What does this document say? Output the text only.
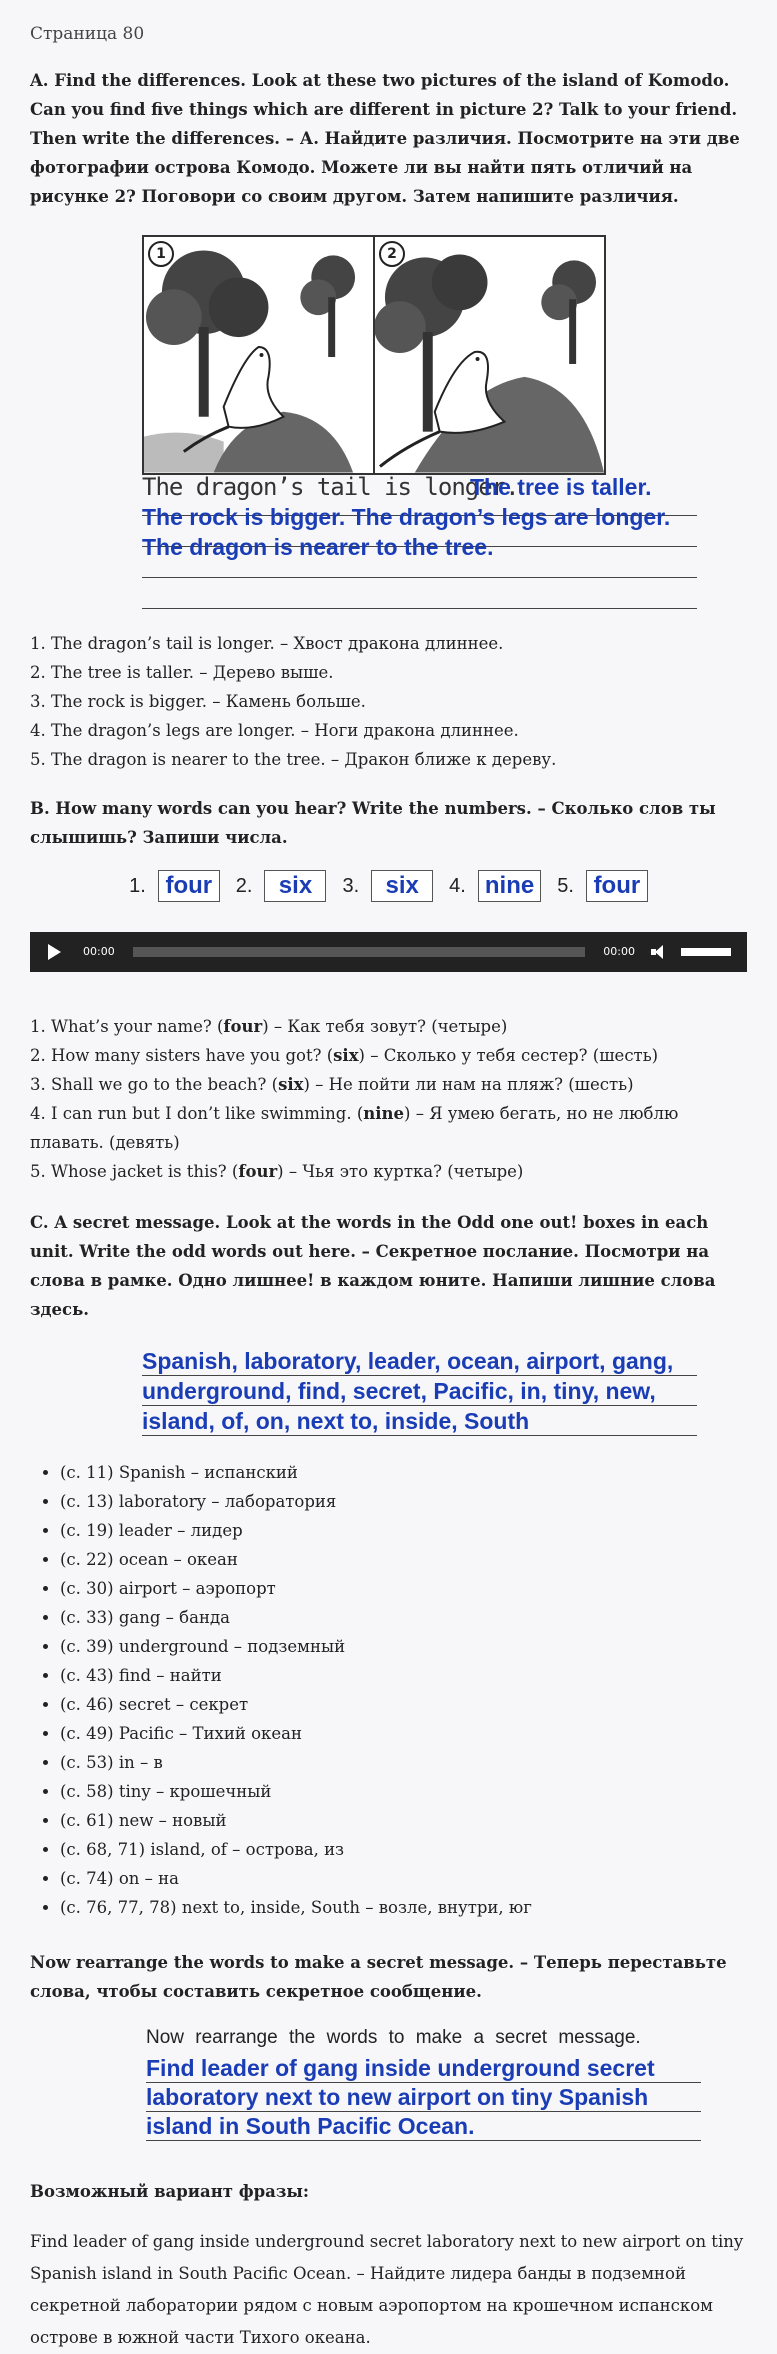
Страница 80

A. Find the differences. Look at these two pictures of the island of Komodo. Can you find five things which are different in picture 2? Talk to your friend. Then write the differences. – А. Найдите различия. Посмотрите на эти две фотографии острова Комодо. Можете ли вы найти пять отличий на рисунке 2? Поговори со своим другом. Затем напишите различия.

1	2
The dragon’s tail is longer.
The tree is taller.
The rock is bigger. The dragon’s legs are longer.
The dragon is nearer to the tree.
1. The dragon’s tail is longer. – Хвост дракона длиннее.
2. The tree is taller. – Дерево выше.
3. The rock is bigger. – Камень больше.
4. The dragon’s legs are longer. – Ноги дракона длиннее.
5. The dragon is nearer to the tree. – Дракон ближе к дереву.

B. How many words can you hear? Write the numbers. – Сколько слов ты слышишь? Запиши числа.

1. four	2.	six	3.	six	4. nine	5. four
00:00	00:00
1. What’s your name? (four) – Как тебя зовут? (четыре)
2. How many sisters have you got? (six) – Сколько у тебя сестер? (шесть)
3. Shall we go to the beach? (six) – Не пойти ли нам на пляж? (шесть)
4. I can run but I don’t like swimming. (nine) – Я умею бегать, но не люблю плавать. (девять)
5. Whose jacket is this? (four) – Чья это куртка? (четыре)

C. A secret message. Look at the words in the Odd one out! boxes in each unit. Write the odd words out here. – Секретное послание. Посмотри на слова в рамке. Одно лишнее! в каждом юните. Напиши лишние слова здесь.

Spanish, laboratory, leader, ocean, airport, gang, underground, find, secret, Pacific, in, tiny, new, island, of, on, next to, inside, South
• (c. 11) Spanish – испанский
• (c. 13) laboratory – лаборатория
• (c. 19) leader – лидер
• (c. 22) ocean – океан
• (c. 30) airport – аэропорт
• (c. 33) gang – банда
• (c. 39) underground – подземный
• (c. 43) find – найти
• (c. 46) secret – секрет
• (c. 49) Pacific – Тихий океан
• (c. 53) in – в
• (c. 58) tiny – крошечный
• (c. 61) new – новый
• (c. 68, 71) island, of – острова, из
• (c. 74) on – на
• (c. 76, 77, 78) next to, inside, South – возле, внутри, юг

Now rearrange the words to make a secret message. – Теперь переставьте слова, чтобы составить секретное сообщение.

Now rearrange the words to make a secret message.
Find leader of gang inside underground secret laboratory next to new airport on tiny Spanish island in South Pacific Ocean.

Возможный вариант фразы:

Find leader of gang inside underground secret laboratory next to new airport on tiny Spanish island in South Pacific Ocean. – Найдите лидера банды в подземной секретной лаборатории рядом с новым аэропортом на крошечном испанском острове в южной части Тихого океана.
